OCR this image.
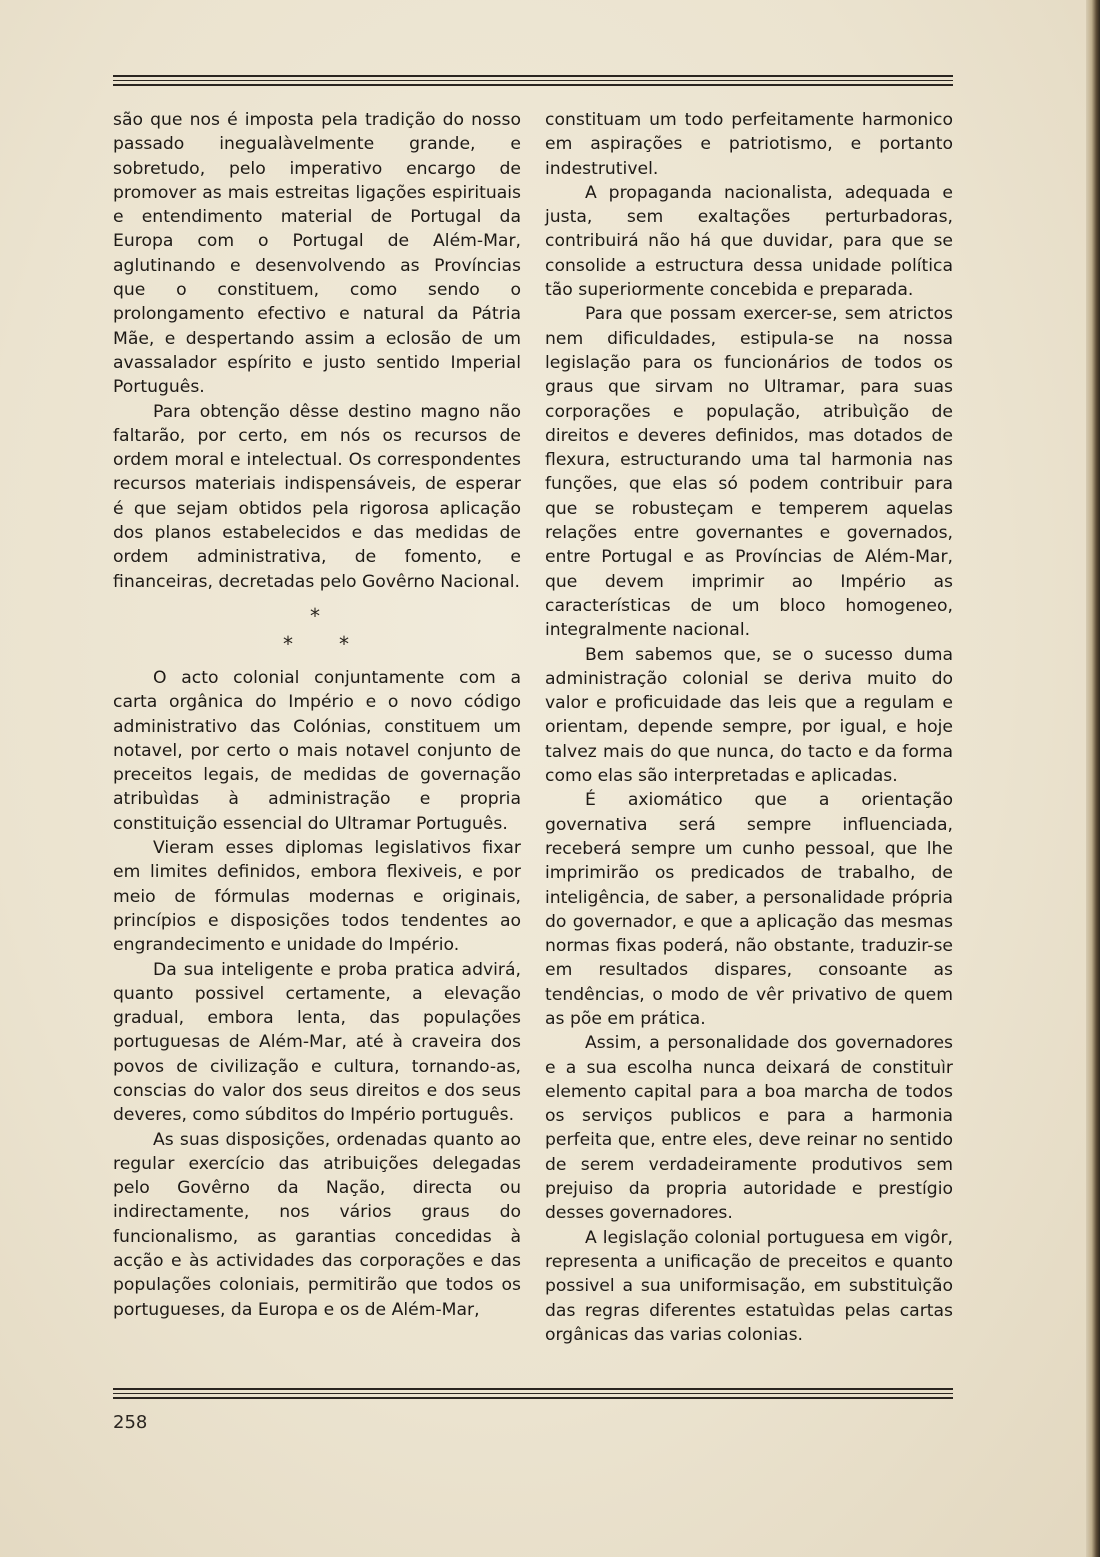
são que nos é imposta pela tradição do nosso passado inegualàvelmente grande, e sobretudo, pelo imperativo encargo de promover as mais estreitas ligações espirituais e entendimento material de Portugal da Europa com o Portugal de Além-Mar, aglutinando e desenvolvendo as Províncias que o constituem, como sendo o prolongamento efectivo e natural da Pátria Mãe, e despertando assim a eclosão de um avassalador espírito e justo sentido Imperial Português.

Para obtenção dêsse destino magno não faltarão, por certo, em nós os recursos de ordem moral e intelectual. Os correspondentes recursos materiais indispensáveis, de esperar é que sejam obtidos pela rigorosa aplicação dos planos estabelecidos e das medidas de ordem administrativa, de fomento, e financeiras, decretadas pelo Govêrno Nacional.

*
* *

O acto colonial conjuntamente com a carta orgânica do Império e o novo código administrativo das Colónias, constituem um notavel, por certo o mais notavel conjunto de preceitos legais, de medidas de governação atribuìdas à administração e propria constituição essencial do Ultramar Português.

Vieram esses diplomas legislativos fixar em limites definidos, embora flexiveis, e por meio de fórmulas modernas e originais, princípios e disposições todos tendentes ao engrandecimento e unidade do Império.

Da sua inteligente e proba pratica advirá, quanto possivel certamente, a elevação gradual, embora lenta, das populações portuguesas de Além-Mar, até à craveira dos povos de civilização e cultura, tornando-as, conscias do valor dos seus direitos e dos seus deveres, como súbditos do Império português.

As suas disposições, ordenadas quanto ao regular exercício das atribuições delegadas pelo Govêrno da Nação, directa ou indirectamente, nos vários graus do funcionalismo, as garantias concedidas à acção e às actividades das corporações e das populações coloniais, permitirão que todos os portugueses, da Europa e os de Além-Mar,

constituam um todo perfeitamente harmonico em aspirações e patriotismo, e portanto indestrutivel.

A propaganda nacionalista, adequada e justa, sem exaltações perturbadoras, contribuirá não há que duvidar, para que se consolide a estructura dessa unidade política tão superiormente concebida e preparada.

Para que possam exercer-se, sem atrictos nem dificuldades, estipula-se na nossa legislação para os funcionários de todos os graus que sirvam no Ultramar, para suas corporações e população, atribuìção de direitos e deveres definidos, mas dotados de flexura, estructurando uma tal harmonia nas funções, que elas só podem contribuir para que se robusteçam e temperem aquelas relações entre governantes e governados, entre Portugal e as Províncias de Além-Mar, que devem imprimir ao Império as características de um bloco homogeneo, integralmente nacional.

Bem sabemos que, se o sucesso duma administração colonial se deriva muito do valor e proficuidade das leis que a regulam e orientam, depende sempre, por igual, e hoje talvez mais do que nunca, do tacto e da forma como elas são interpretadas e aplicadas.

É axiomático que a orientação governativa será sempre influenciada, receberá sempre um cunho pessoal, que lhe imprimirão os predicados de trabalho, de inteligência, de saber, a personalidade própria do governador, e que a aplicação das mesmas normas fixas poderá, não obstante, traduzir-se em resultados dispares, consoante as tendências, o modo de vêr privativo de quem as põe em prática.

Assim, a personalidade dos governadores e a sua escolha nunca deixará de constituìr elemento capital para a boa marcha de todos os serviços publicos e para a harmonia perfeita que, entre eles, deve reinar no sentido de serem verdadeiramente produtivos sem prejuiso da propria autoridade e prestígio desses governadores.

A legislação colonial portuguesa em vigôr, representa a unificação de preceitos e quanto possivel a sua uniformisação, em substituìção das regras diferentes estatuìdas pelas cartas orgânicas das varias colonias.

258
